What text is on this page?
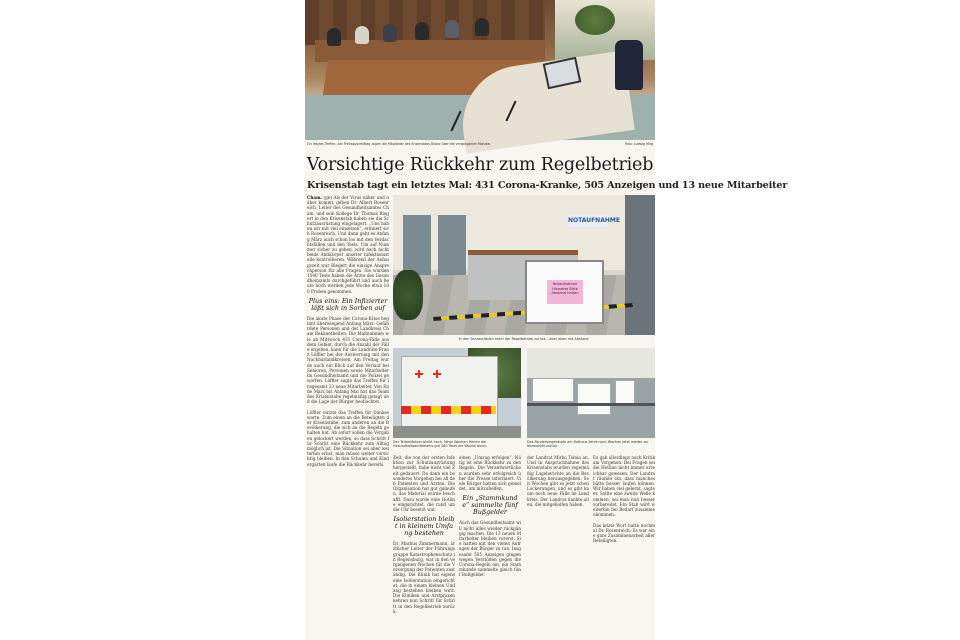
Ein letztes Treffen: Am Freitagvormittag zogen die Mitglieder des Krisenstabs Bilanz über die vergangenen Monate.	Foto: Ludwig Mirg
Vorsichtige Rückkehr zum Regelbetrieb
Krisenstab tagt ein letztes Mal: 431 Corona-Kranke, 505 Anzeigen und 13 neue Mitarbeiter
Cham. (ge) Als der Virus näher und näher kommt, geben Dr. Albert Rosenreich, Leiter des Gesundheitsamtes Cham, und sein Kollege Dr. Thomas Riegert in den Krisenstab haben sie die Schutzausrüstung eingelagert. „Uns haben wir mit viel einsetzen“, erinnert sich Rosenreich. Und dann geht es Anfang März auch schon los mit den Verdachtsfällen und den Tests. Um auf Nummer sicher zu gehen, wird nach nicht beide Antikörper unserer Infektionsstelle kontrollieren. Während der Anfangszeit war Riegert die einzige Ansprechperson für alle Fragen. Sie wurden 1500 Tests haben die Ärzte des Gesundheitsamts durchgeführt und auch heute noch werden jede Woche etwa 100 Proben genommen.
Plus eins: Ein Infizierter läßt sich in Sorben auf
Die akute Phase der Corona-Krise beginnt überwiegend Anfang März. Gefährdete Personen und der Landkreis Cham Bekanntheiten. Die Maßnahmen wie ab Mittwoch 431 Corona-Fälle aus dem Gebiet, durch die Anzahl der Fälle ergeben, kann für die Landräte Franz Löffler bei der Auswertung mit den Nachbarlandkreisen. Am Freitag wurde auch ein Blick auf den Verlauf bei Senioren, Personen sowie Mitarbeiter im Gesundheitsamt und die Polizei geworfen. Löffler sagte das Treffen für insgesamt 13 neue Mitarbeiter. Von Ende März bis Anfang Mai hat das Team des Krisenstabs regelmäßig getagt und die Lage der Bürger beobachtet.

Löffler nutzte das Treffen für Dankesworte. Zum einen an die Beteiligten der Krisenstäbe, zum anderen an die Bevölkerung, die sich an die Regeln gehalten hat. Ab sofort sollen die Vorgaben gelockert werden, so dass Schritt für Schritt eine Rückkehr zum Alltag möglich ist. Die Situation sei aber weiterhin ernst, man müsse weiter vorsichtig bleiben. In den Schulen und Kindergärten laufe die Rückkehr bereits.
NOTAUFNAHME
Notaufnahme Hinweise Bitte Abstand halten
In den Sanaschläden kehrt der Regelbetrieb zurück – aber eben mit Abstand.
Der Teilzeitfahrer bleibt noch. Neun Wochen führen die Gesundheitsamtsteams gut 180 Tests die Woche durch.
Das Pandemiegebäude am Rathaus kehrt nach Wochen jetzt wieder zur Normalität zurück.
Zeit, die von der ersten Infektion zur Schutzausrüstung hergestellt, habe nicht viel Zeit gedauert. Da dann ein besonderes Vorgehen bei all den Patienten und Ärzten. Die Organisation hat gut gelaufen, das Material wurde beschafft. Dazu wurde eine Hotline eingerichtet, die rund um die Uhr besetzt war.
Isolierstation bleibt in kleinem Umfang bestehen
Dr. Markus Zimmermann, ärztlicher Leiter der Führungsgruppe Katastrophenschutz in Regensburg, war in den vergangenen Wochen für die Versorgung der Patienten zuständig. Die Klinik hat eigens eine Isolierstation eingerichtet, die in einem kleinen Umfang bestehen bleiben wird. Die Kliniken und Arztpraxen kehren nun Schritt für Schritt in den Regelbetrieb zurück.
einen „Umzug erfolgen“. Nötig ist eine Rückkehr zu den Regeln. Die Verantwortlichen wurden sehr erfolgreich über die Presse informiert. Viele Bürger hatten sich gemeldet, um mitzuhelfen.
Ein „Stammkunde“ sammelte fünf Bußgelder
Auch das Gesundheitsamt will nicht alles wieder rückgängig machen. Die 13 neuen Mitarbeiter bleiben vorerst. Sie hatten mit den vielen Anfragen der Bürger zu tun. Insgesamt 505 Anzeigen gingen wegen Verstößen gegen die Corona-Regeln ein, ein Stammkunde sammelte gleich fünf Bußgelder.
der Landrat Mirko Tsinia an. Und in Anspruchnahme des Krisenstabs wurden regelmäßig Lageberichte an die Bevölkerung herausgegeben. Seit Wochen gibt es jetzt schon Lockerungen, und es gibt kaum noch neue Fälle im Landkreis. Der Landrat dankte allen, die mitgeholfen haben.
Es gab allerdings auch Kritik am Vorgehen. Bei Fragen sei die Hotline nicht immer erreichbar gewesen. Der Landrat räumte ein, dass manches hätte besser laufen können. Wir haben viel gelernt, sagte er. Sollte eine zweite Welle kommen, sei man nun besser vorbereitet. Ein Stab wird weiterhin bei Bedarf zusammenkommen.

Das letzte Wort hatte nochmal Dr. Rosenreich: Es war eine gute Zusammenarbeit aller Beteiligten.
